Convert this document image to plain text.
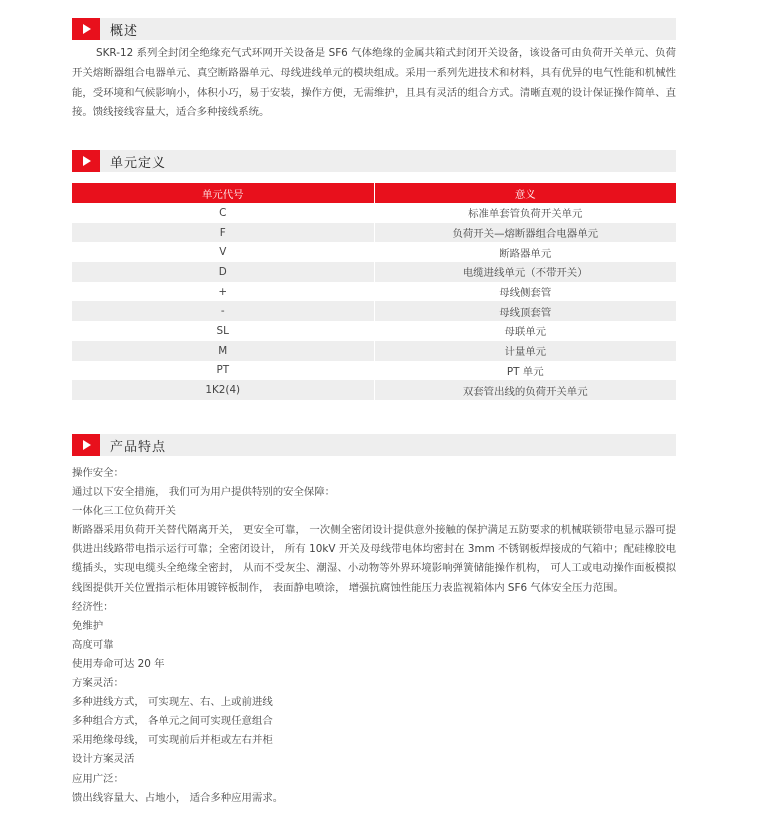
概述

SKR-12 系列全封闭全绝缘充气式环网开关设备是 SF6 气体绝缘的金属共箱式封闭开关设备，该设备可由负荷开关单元、负荷开关熔断器组合电器单元、真空断路器单元、母线进线单元的模块组成。采用一系列先进技术和材料，具有优异的电气性能和机械性能，受环境和气候影响小，体积小巧，易于安装，操作方便，无需维护，且具有灵活的组合方式。清晰直观的设计保证操作简单、直接。馈线接线容量大，适合多种接线系统。

单元定义
单元代号	意义
C	标准单套管负荷开关单元
F	负荷开关—熔断器组合电器单元
V	断路器单元
D	电缆进线单元（不带开关）
+	母线侧套管
-	母线顶套管
SL	母联单元
M	计量单元
PT	PT 单元
1K2(4)	双套管出线的负荷开关单元
产品特点

操作安全：

通过以下安全措施， 我们可为用户提供特别的安全保障：

一体化三工位负荷开关

断路器采用负荷开关替代隔离开关， 更安全可靠， 一次侧全密闭设计提供意外接触的保护满足五防要求的机械联锁带电显示器可提供进出线路带电指示运行可靠；全密闭设计， 所有 10kV 开关及母线带电体均密封在 3mm 不锈钢板焊接成的气箱中；配硅橡胶电缆插头，实现电缆头全绝缘全密封， 从而不受灰尘、潮湿、小动物等外界环境影响弹簧储能操作机构， 可人工或电动操作面板模拟线图提供开关位置指示柜体用镀锌板制作， 表面静电喷涂， 增强抗腐蚀性能压力表监视箱体内 SF6 气体安全压力范围。

经济性：

免维护

高度可靠

使用寿命可达 20 年

方案灵活：

多种进线方式， 可实现左、右、上或前进线

多种组合方式， 各单元之间可实现任意组合

采用绝缘母线， 可实现前后并柜或左右并柜

设计方案灵活

应用广泛：

馈出线容量大、占地小， 适合多种应用需求。
